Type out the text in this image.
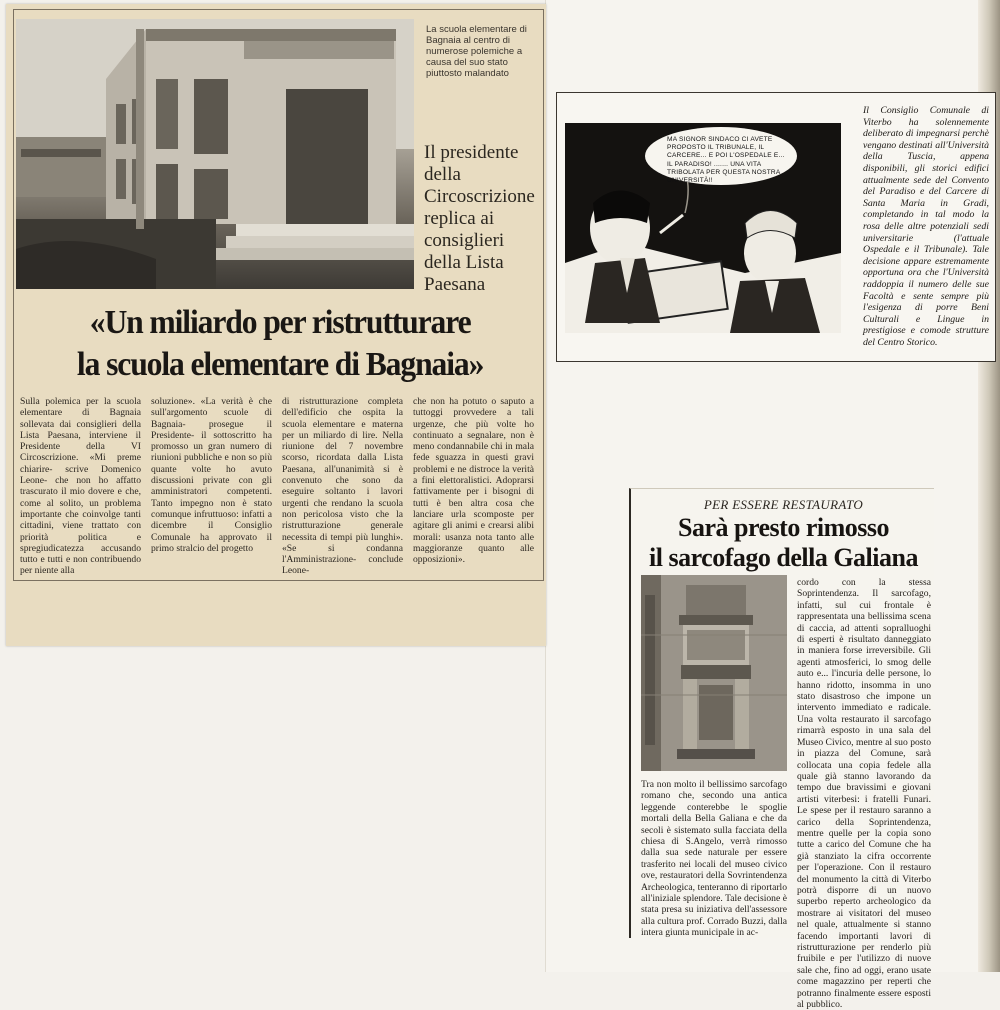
La scuola elementare di Bagnaia al centro di numerose polemiche a causa del suo stato piuttosto malandato
Il presidente della Circoscrizione replica ai consiglieri della Lista Paesana
«Un miliardo per ristrutturare
la scuola elementare di Bagnaia»
Sulla polemica per la scuola elementare di Bagnaia sollevata dai consiglieri della Lista Paesana, interviene il Presidente della VI Circoscrizione. «Mi preme chiarire- scrive Domenico Leone- che non ho affatto trascurato il mio dovere e che, come al solito, un problema importante che coinvolge tanti cittadini, viene trattato con priorità politica e spregiudicatezza accusando tutto e tutti e non contribuendo per niente alla
soluzione». «La verità è che sull'argomento scuole di Bagnaia- prosegue il Presidente- il sottoscritto ha promosso un gran numero di riunioni pubbliche e non so più quante volte ho avuto discussioni private con gli amministratori competenti. Tanto impegno non è stato comunque infruttuoso: infatti a dicembre il Consiglio Comunale ha approvato il primo stralcio del progetto
di ristrutturazione completa dell'edificio che ospita la scuola elementare e materna per un miliardo di lire. Nella riunione del 7 novembre scorso, ricordata dalla Lista Paesana, all'unanimità si è convenuto che sono da eseguire soltanto i lavori urgenti che rendano la scuola non pericolosa visto che la ristrutturazione generale necessita di tempi più lunghi». «Se si condanna l'Amministrazione- conclude Leone-
che non ha potuto o saputo a tuttoggi provvedere a tali urgenze, che più volte ho continuato a segnalare, non è meno condannabile chi in mala fede sguazza in questi gravi problemi e ne distroce la verità a fini elettoralistici. Adoprarsi fattivamente per i bisogni di tutti è ben altra cosa che lanciare urla scomposte per agitare gli animi e crearsi alibi morali: usanza nota tanto alle maggioranze quanto alle opposizioni».
MA SIGNOR SINDACO CI AVETE PROPOSTO IL TRIBUNALE, IL CARCERE... E POI L'OSPEDALE E... IL PARADISO! ....... UNA VITA TRIBOLATA PER QUESTA NOSTRA UNIVERSITÀ!!
Il Consiglio Comunale di Viterbo ha solennemente deliberato di impegnarsi perchè vengano destinati all'Università della Tuscia, appena disponibili, gli storici edifici attualmente sede del Convento del Paradiso e del Carcere di Santa Maria in Gradi, completando in tal modo la rosa delle altre potenziali sedi universitarie (l'attuale Ospedale e il Tribunale). Tale decisione appare estremamente opportuna ora che l'Università raddoppia il numero delle sue Facoltà e sente sempre più l'esigenza di porre Beni Culturali e Lingue in prestigiose e comode strutture del Centro Storico.
PER ESSERE RESTAURATO
Sarà presto rimosso
il sarcofago della Galiana
cordo con la stessa Soprintendenza. Il sarcofago, infatti, sul cui frontale è rappresentata una bellissima scena di caccia, ad attenti sopralluoghi di esperti è risultato danneggiato in maniera forse irreversibile. Gli agenti atmosferici, lo smog delle auto e... l'incuria delle persone, lo hanno ridotto, insomma in uno stato disastroso che impone un intervento immediato e radicale. Una volta restaurato il sarcofago rimarrà esposto in una sala del Museo Civico, mentre al suo posto in piazza del Comune, sarà collocata una copia fedele alla quale già stanno lavorando da tempo due bravissimi e giovani artisti viterbesi: i fratelli Funari. Le spese per il restauro saranno a carico della Soprintendenza, mentre quelle per la copia sono tutte a carico del Comune che ha già stanziato la cifra occorrente per l'operazione. Con il restauro del monumento la città di Viterbo potrà disporre di un nuovo superbo reperto archeologico da mostrare ai visitatori del museo nel quale, attualmente si stanno facendo importanti lavori di ristrutturazione per renderlo più fruibile e per l'utilizzo di nuove sale che, fino ad oggi, erano usate come magazzino per reperti che potranno finalmente essere esposti al pubblico.
Tra non molto il bellissimo sarcofago romano che, secondo una antica leggende conterebbe le spoglie mortali della Bella Galiana e che da secoli è sistemato sulla facciata della chiesa di S.Angelo, verrà rimosso dalla sua sede naturale per essere trasferito nei locali del museo civico ove, restauratori della Sovrintendenza Archeologica, tenteranno di riportarlo all'iniziale splendore. Tale decisione è stata presa su iniziativa dell'assessore alla cultura prof. Corrado Buzzi, dalla intera giunta municipale in ac-
